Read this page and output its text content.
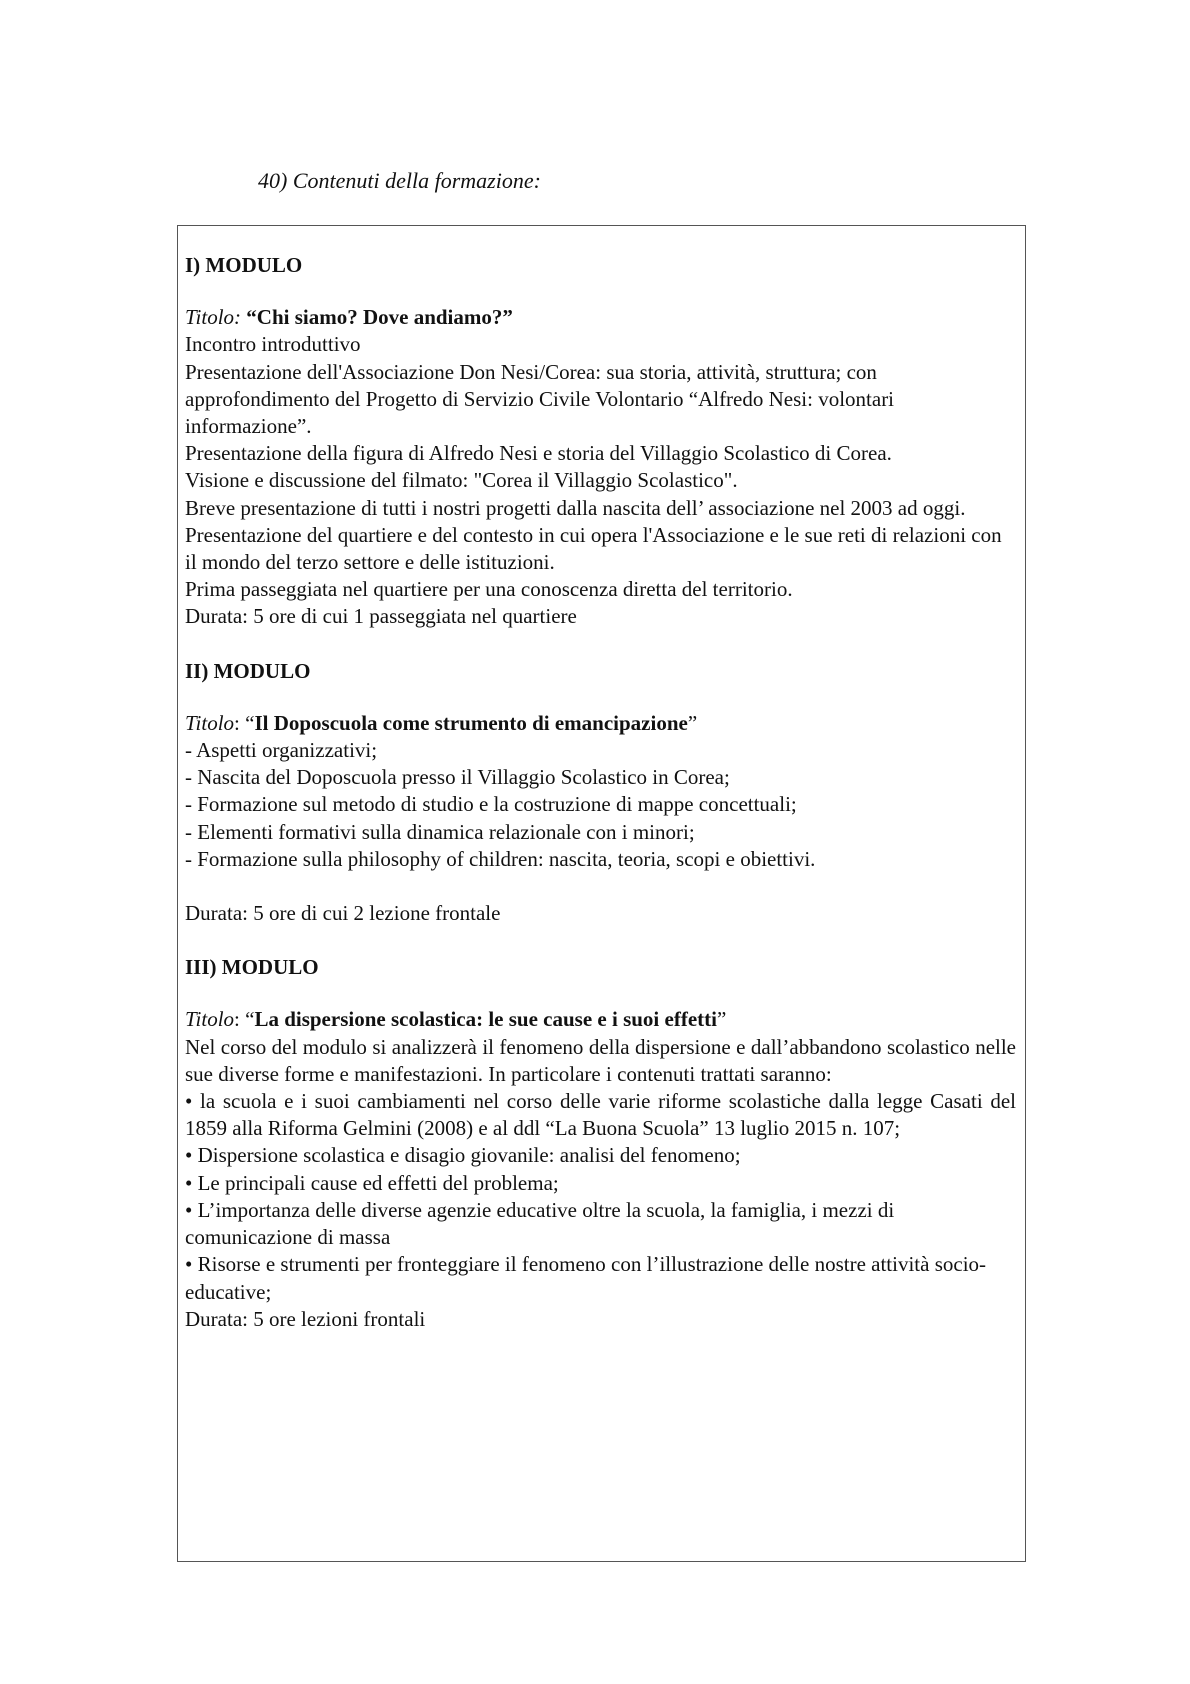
40) Contenuti della formazione:

I) MODULO

Titolo: “Chi siamo? Dove andiamo?”

Incontro introduttivo

Presentazione dell'Associazione Don Nesi/Corea: sua storia, attività, struttura; con approfondimento del Progetto di Servizio Civile Volontario “Alfredo Nesi: volontari informazione”.

Presentazione della figura di Alfredo Nesi e storia del Villaggio Scolastico di Corea.

Visione e discussione del filmato: "Corea il Villaggio Scolastico".

Breve presentazione di tutti i nostri progetti dalla nascita dell’ associazione nel 2003 ad oggi.

Presentazione del quartiere e del contesto in cui opera l'Associazione e le sue reti di relazioni con il mondo del terzo settore e delle istituzioni.

Prima passeggiata nel quartiere per una conoscenza diretta del territorio.

Durata: 5 ore di cui 1 passeggiata nel quartiere

II) MODULO

Titolo: “Il Doposcuola come strumento di emancipazione”

- Aspetti organizzativi;

- Nascita del Doposcuola presso il Villaggio Scolastico in Corea;

- Formazione sul metodo di studio e la costruzione di mappe concettuali;

- Elementi formativi sulla dinamica relazionale con i minori;

- Formazione sulla philosophy of children: nascita, teoria, scopi e obiettivi.

Durata: 5 ore di cui 2 lezione frontale

III) MODULO

Titolo: “La dispersione scolastica: le sue cause e i suoi effetti”

Nel corso del modulo si analizzerà il fenomeno della dispersione e dall’abbandono scolastico nelle sue diverse forme e manifestazioni. In particolare i contenuti trattati saranno:

• la scuola e i suoi cambiamenti nel corso delle varie riforme scolastiche dalla legge Casati del 1859 alla Riforma Gelmini (2008) e al ddl “La Buona Scuola” 13 luglio 2015 n. 107;

• Dispersione scolastica e disagio giovanile: analisi del fenomeno;

• Le principali cause ed effetti del problema;

• L’importanza delle diverse agenzie educative oltre la scuola, la famiglia, i mezzi di comunicazione di massa

• Risorse e strumenti per fronteggiare il fenomeno con l’illustrazione delle nostre attività socio-educative;

Durata: 5 ore lezioni frontali
